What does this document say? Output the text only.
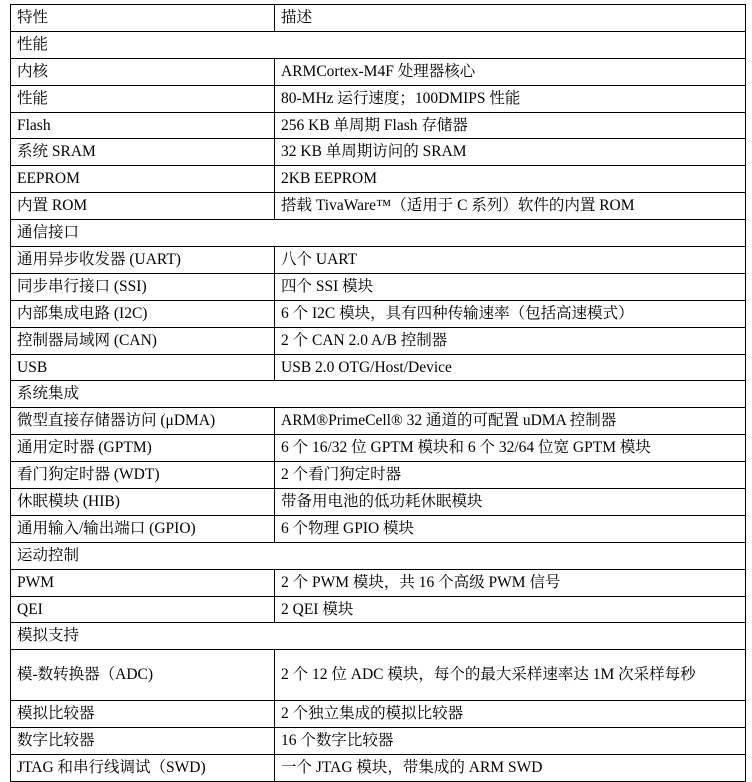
特性	描述
性能	
内核	ARMCortex-M4F 处理器核心
性能	80-MHz 运行速度；100DMIPS 性能
Flash	256 KB 单周期 Flash 存储器
系统 SRAM	32 KB 单周期访问的 SRAM
EEPROM	2KB EEPROM
内置 ROM	搭载 TivaWare™（适用于 C 系列）软件的内置 ROM
通信接口	
通用异步收发器 (UART)	八个 UART
同步串行接口 (SSI)	四个 SSI 模块
内部集成电路 (I2C)	6 个 I2C 模块，具有四种传输速率（包括高速模式）
控制器局域网 (CAN)	2 个 CAN 2.0 A/B 控制器
USB	USB 2.0 OTG/Host/Device
系统集成	
微型直接存储器访问 (μDMA)	ARM®PrimeCell® 32 通道的可配置 uDMA 控制器
通用定时器 (GPTM)	6 个 16/32 位 GPTM 模块和 6 个 32/64 位宽 GPTM 模块
看门狗定时器 (WDT)	2 个看门狗定时器
休眠模块 (HIB)	带备用电池的低功耗休眠模块
通用输入/输出端口 (GPIO)	6 个物理 GPIO 模块
运动控制	
PWM	2 个 PWM 模块，共 16 个高级 PWM 信号
QEI	2 QEI 模块
模拟支持	
模-数转换器（ADC)	2 个 12 位 ADC 模块，每个的最大采样速率达 1M 次采样每秒
模拟比较器	2 个独立集成的模拟比较器
数字比较器	16 个数字比较器
JTAG 和串行线调试（SWD)	一个 JTAG 模块，带集成的 ARM SWD
